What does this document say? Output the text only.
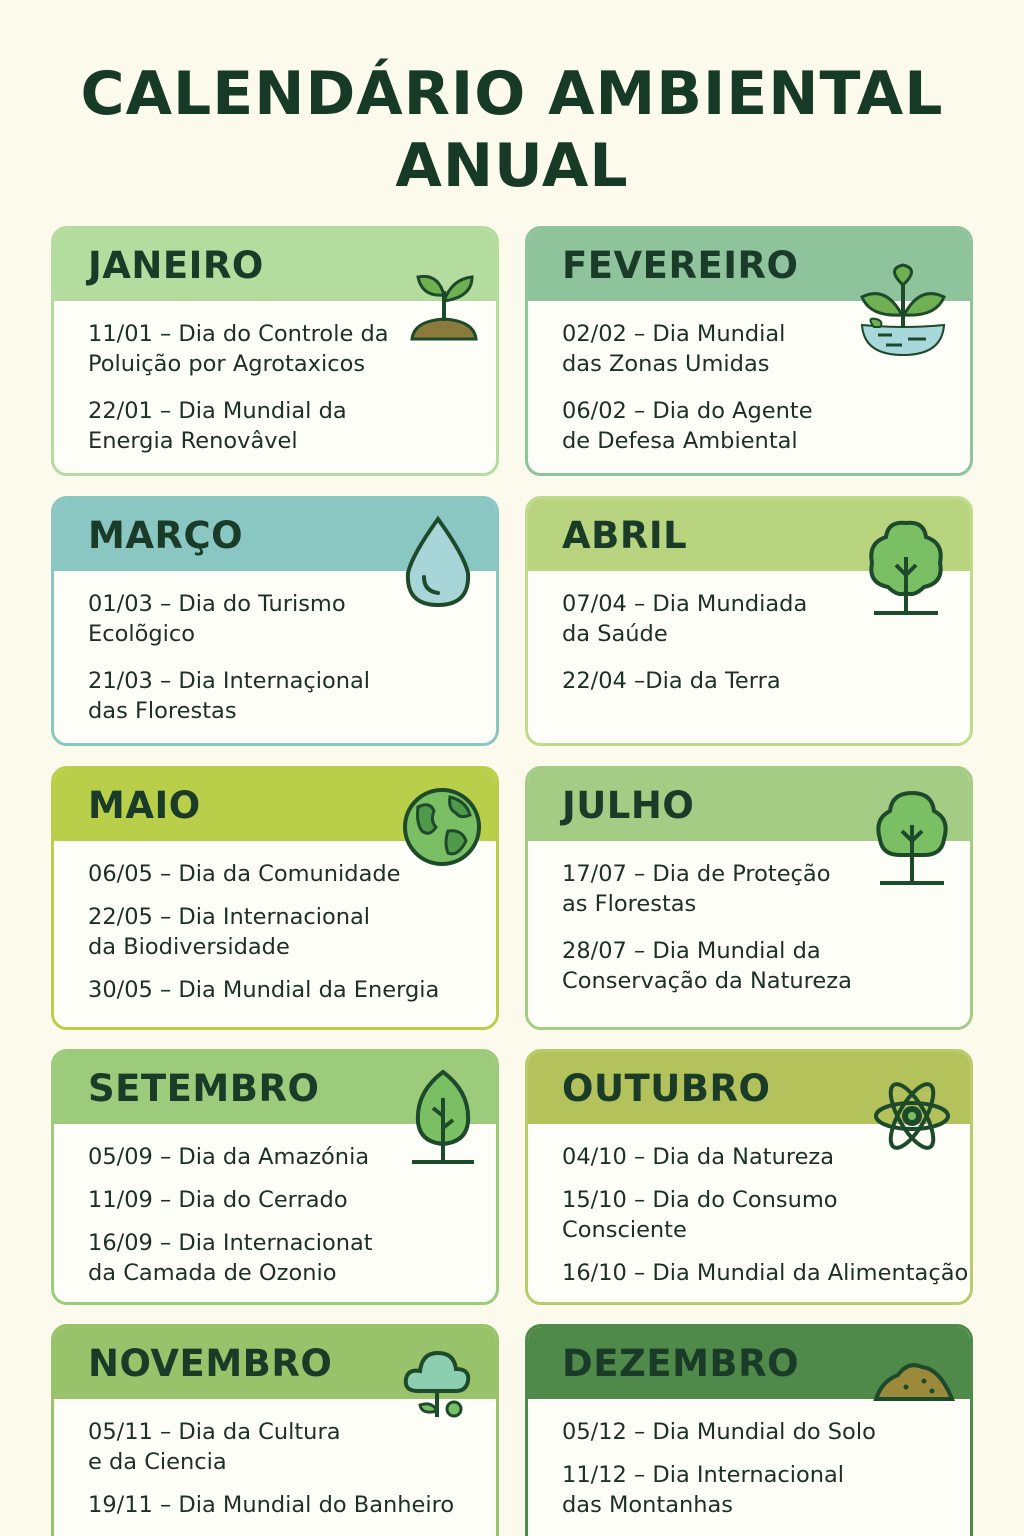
CALENDÁRIO AMBIENTAL
ANUAL
JANEIRO
11/01 – Dia do Controle da
Poluição por Agrotaxicos
22/01 – Dia Mundial da
Energia Renovâvel
FEVEREIRO
02/02 – Dia Mundial
das Zonas Umidas
06/02 – Dia do Agente
de Defesa Ambiental
MARÇO
01/03 – Dia do Turismo
Ecolõgico
21/03 – Dia Internaçional
das Florestas
ABRIL
07/04 – Dia Mundiada
da Saúde
22/04 –Dia da Terra
MAIO
06/05 – Dia da Comunidade
22/05 – Dia Internacional
da Biodiversidade
30/05 – Dia Mundial da Energia
JULHO
17/07 – Dia de Proteção
as Florestas
28/07 – Dia Mundial da
Conservação da Natureza
SETEMBRO
05/09 – Dia da Amazónia
11/09 – Dia do Cerrado
16/09 – Dia Internacionat
da Camada de Ozonio
OUTUBRO
04/10 – Dia da Natureza
15/10 – Dia do Consumo
Consciente
16/10 – Dia Mundial da Alimentação
NOVEMBRO
05/11 – Dia da Cultura
e da Ciencia
19/11 – Dia Mundial do Banheiro
DEZEMBRO
05/12 – Dia Mundial do Solo
11/12 – Dia Internacional
das Montanhas
